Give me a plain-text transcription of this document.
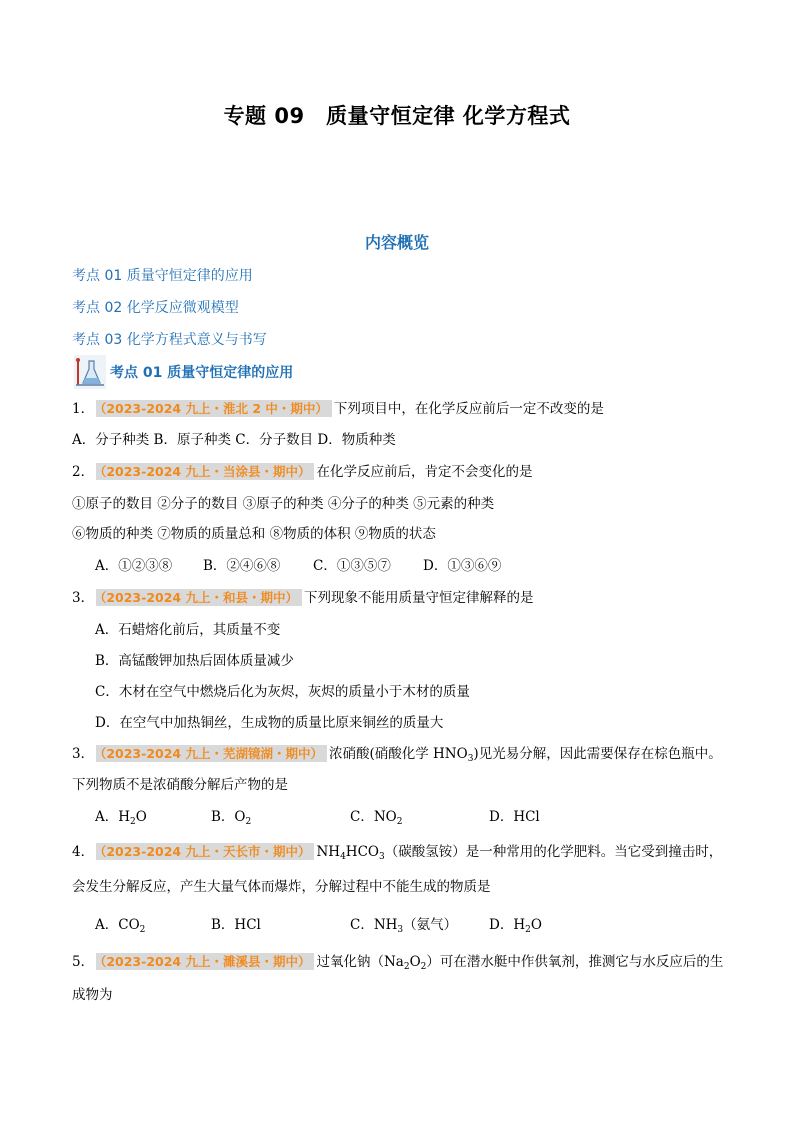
专题 09　质量守恒定律 化学方程式
内容概览
考点 01 质量守恒定律的应用
考点 02 化学反应微观模型
考点 03 化学方程式意义与书写
考点 01 质量守恒定律的应用
1． （2023-2024 九上・淮北 2 中・期中） 下列项目中，在化学反应前后一定不改变的是
A．分子种类 B．原子种类 C．分子数目 D．物质种类
2． （2023-2024 九上・当涂县・期中） 在化学反应前后，肯定不会变化的是
①原子的数目 ②分子的数目 ③原子的种类 ④分子的种类 ⑤元素的种类
⑥物质的种类 ⑦物质的质量总和 ⑧物质的体积 ⑨物质的状态
A．①②③⑧ B．②④⑥⑧ C．①③⑤⑦ D．①③⑥⑨
3． （2023-2024 九上・和县・期中） 下列现象不能用质量守恒定律解释的是
A．石蜡熔化前后，其质量不变
B．高锰酸钾加热后固体质量减少
C．木材在空气中燃烧后化为灰烬，灰烬的质量小于木材的质量
D．在空气中加热铜丝，生成物的质量比原来铜丝的质量大
3． （2023-2024 九上・芜湖镜湖・期中） 浓硝酸(硝酸化学 $HNO_3$)见光易分解，因此需要保存在棕色瓶中。
下列物质不是浓硝酸分解后产物的是
A．$H_2O$	B．$O_2$	C．$NO_2$	D．HCl
4． （2023-2024 九上・天长市・期中） $NH_4HCO_3$（碳酸氢铵）是一种常用的化学肥料。当它受到撞击时，
会发生分解反应，产生大量气体而爆炸，分解过程中不能生成的物质是
A．$CO_2$	B．HCl	C．$NH_3$（氨气） D．$H_2O$
5． （2023-2024 九上・濉溪县・期中） 过氧化钠$(Na_2O_2)$可在潜水艇中作供氧剂，推测它与水反应后的生
成物为
